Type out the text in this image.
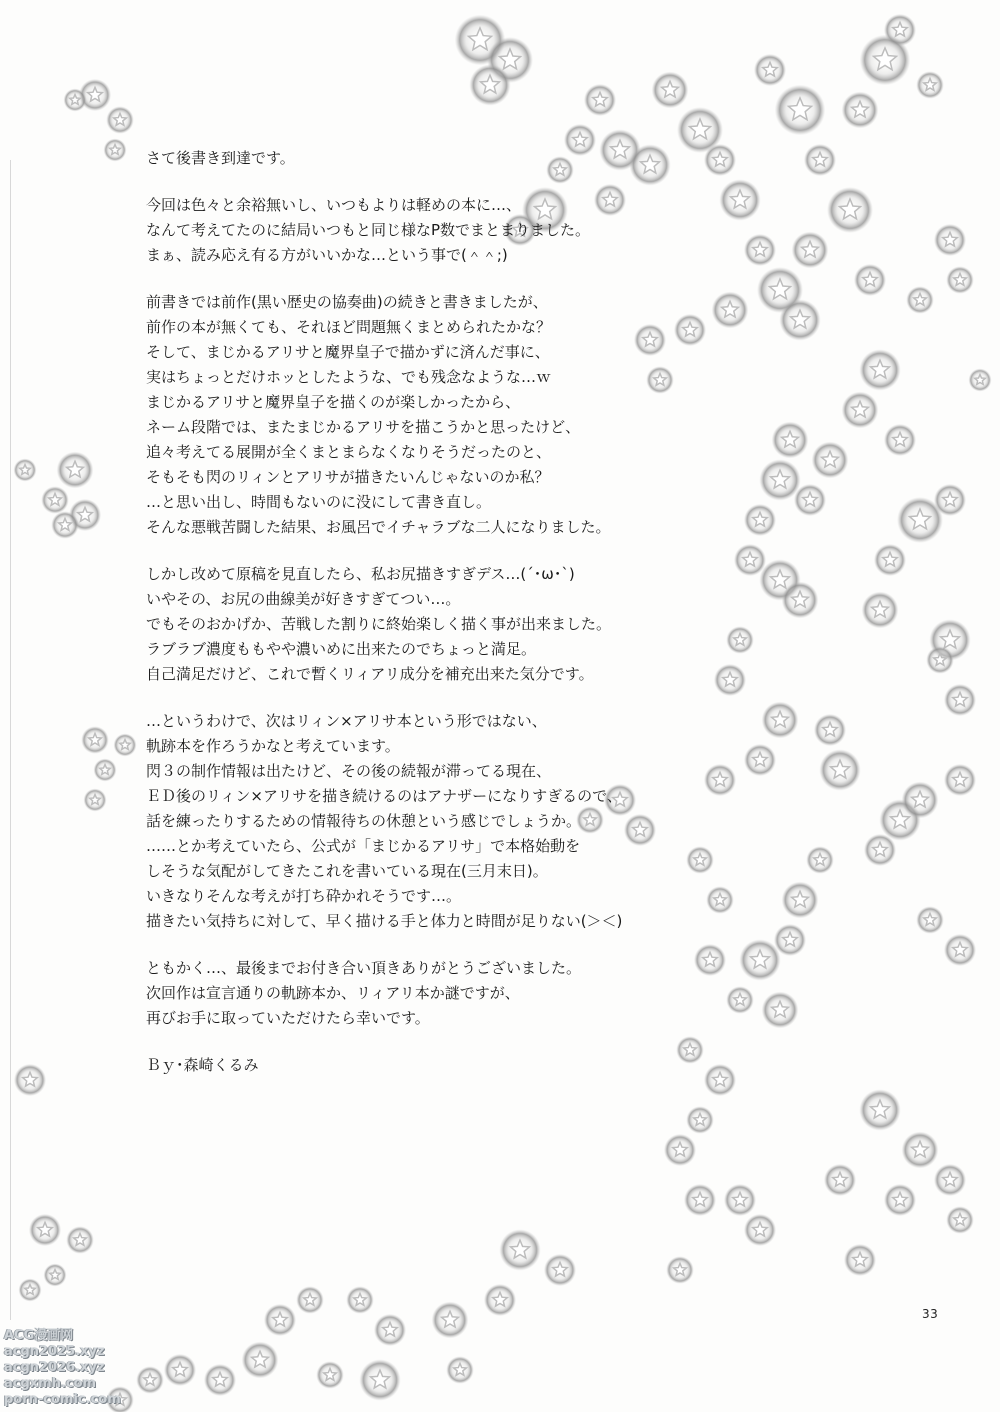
さて後書き到達です。
今回は色々と余裕無いし、いつもよりは軽めの本に…、
なんて考えてたのに結局いつもと同じ様なP数でまとまりました。
まぁ、読み応え有る方がいいかな…という事で(＾＾;)
前書きでは前作(黒い歴史の協奏曲)の続きと書きましたが、
前作の本が無くても、それほど問題無くまとめられたかな？
そして、まじかるアリサと魔界皇子で描かずに済んだ事に、
実はちょっとだけホッとしたような、でも残念なような…ｗ
まじかるアリサと魔界皇子を描くのが楽しかったから、
ネーム段階では、またまじかるアリサを描こうかと思ったけど、
追々考えてる展開が全くまとまらなくなりそうだったのと、
そもそも閃のリィンとアリサが描きたいんじゃないのか私？
…と思い出し、時間もないのに没にして書き直し。
そんな悪戦苦闘した結果、お風呂でイチャラブな二人になりました。
しかし改めて原稿を見直したら、私お尻描きすぎデス…(´･ω･`)
いやその、お尻の曲線美が好きすぎてつい…。
でもそのおかげか、苦戦した割りに終始楽しく描く事が出来ました。
ラブラブ濃度ももやや濃いめに出来たのでちょっと満足。
自己満足だけど、これで暫くリィアリ成分を補充出来た気分です。
…というわけで、次はリィン×アリサ本という形ではない、
軌跡本を作ろうかなと考えています。
閃３の制作情報は出たけど、その後の続報が滞ってる現在、
ＥＤ後のリィン×アリサを描き続けるのはアナザーになりすぎるので、
話を練ったりするための情報待ちの休憩という感じでしょうか。
……とか考えていたら、公式が「まじかるアリサ」で本格始動を
しそうな気配がしてきたこれを書いている現在(三月末日)。
いきなりそんな考えが打ち砕かれそうです…。
描きたい気持ちに対して、早く描ける手と体力と時間が足りない(＞＜)
ともかく…、最後までお付き合い頂きありがとうございました。
次回作は宣言通りの軌跡本か、リィアリ本か謎ですが、
再びお手に取っていただけたら幸いです。
Ｂｙ･森崎くるみ
33
ACG漫画网
acgn2025.xyz
acgn2026.xyz
acgxmh.com
porn-comic.com
